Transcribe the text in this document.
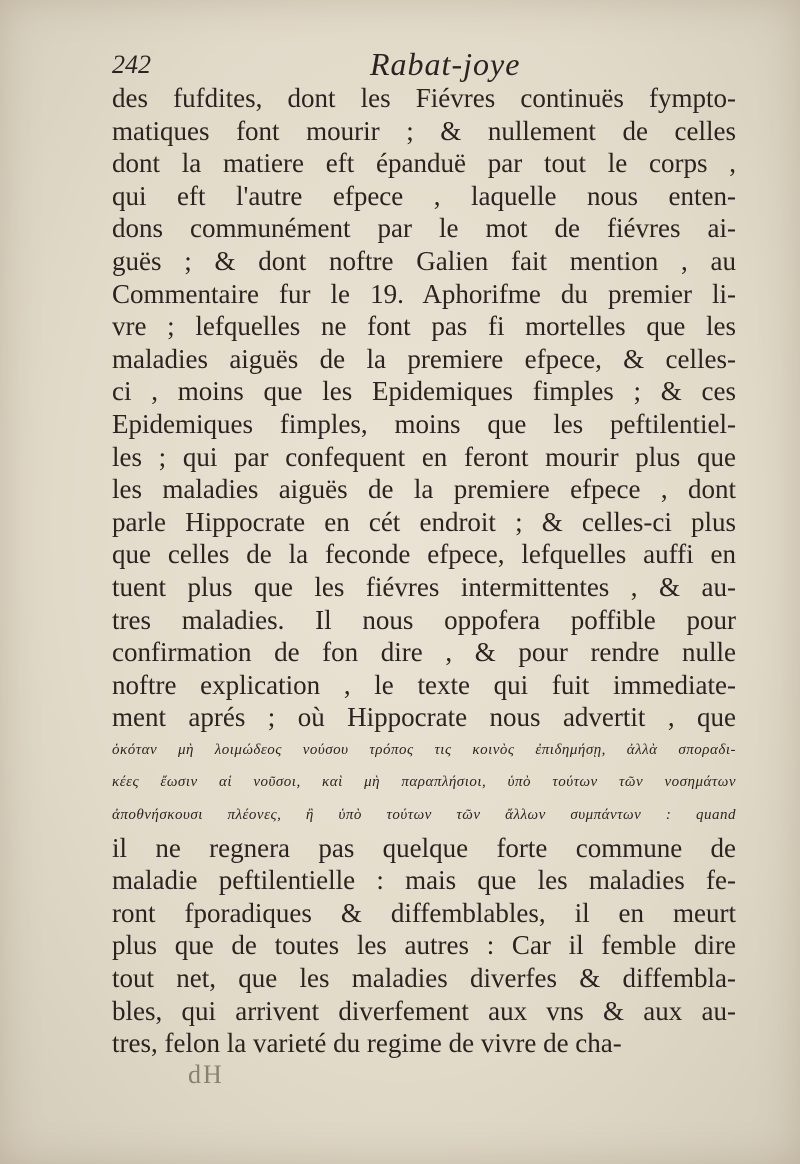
242	Rabat-joye
des fufdites, dont les Fiévres continuës fympto-
matiques font mourir ; & nullement de celles
dont la matiere eft épanduë par tout le corps ,
qui eft l'autre efpece , laquelle nous enten-
dons communément par le mot de fiévres ai-
guës ; & dont noftre Galien fait mention , au
Commentaire fur le 19. Aphorifme du premier li-
vre ; lefquelles ne font pas fi mortelles que les
maladies aiguës de la premiere efpece, & celles-
ci , moins que les Epidemiques fimples ; & ces
Epidemiques fimples, moins que les peftilentiel-
les ; qui par confequent en feront mourir plus que
les maladies aiguës de la premiere efpece , dont
parle Hippocrate en cét endroit ; & celles-ci plus
que celles de la feconde efpece, lefquelles auffi en
tuent plus que les fiévres intermittentes , & au-
tres maladies. Il nous oppofera poffible pour
confirmation de fon dire , & pour rendre nulle
noftre explication , le texte qui fuit immediate-
ment aprés ; où Hippocrate nous advertit , que
ὁκόταν μὴ λοιμώδεος νούσου τρόπος τις κοινὸς ἐπιδημήσῃ, ἀλλὰ σποραδι-
κέες ἔωσιν αἱ νοῦσοι, καὶ μὴ παραπλήσιοι, ὑπὸ τούτων τῶν νοσημάτων
ἀποθνήσκουσι πλέονες, ἢ ὑπὸ τούτων τῶν ἄλλων συμπάντων : quand
il ne regnera pas quelque forte commune de
maladie peftilentielle : mais que les maladies fe-
ront fporadiques & diffemblables, il en meurt
plus que de toutes les autres : Car il femble dire
tout net, que les maladies diverfes & diffembla-
bles, qui arrivent diverfement aux vns & aux au-
tres, felon la varieté du regime de vivre de cha-
dH
